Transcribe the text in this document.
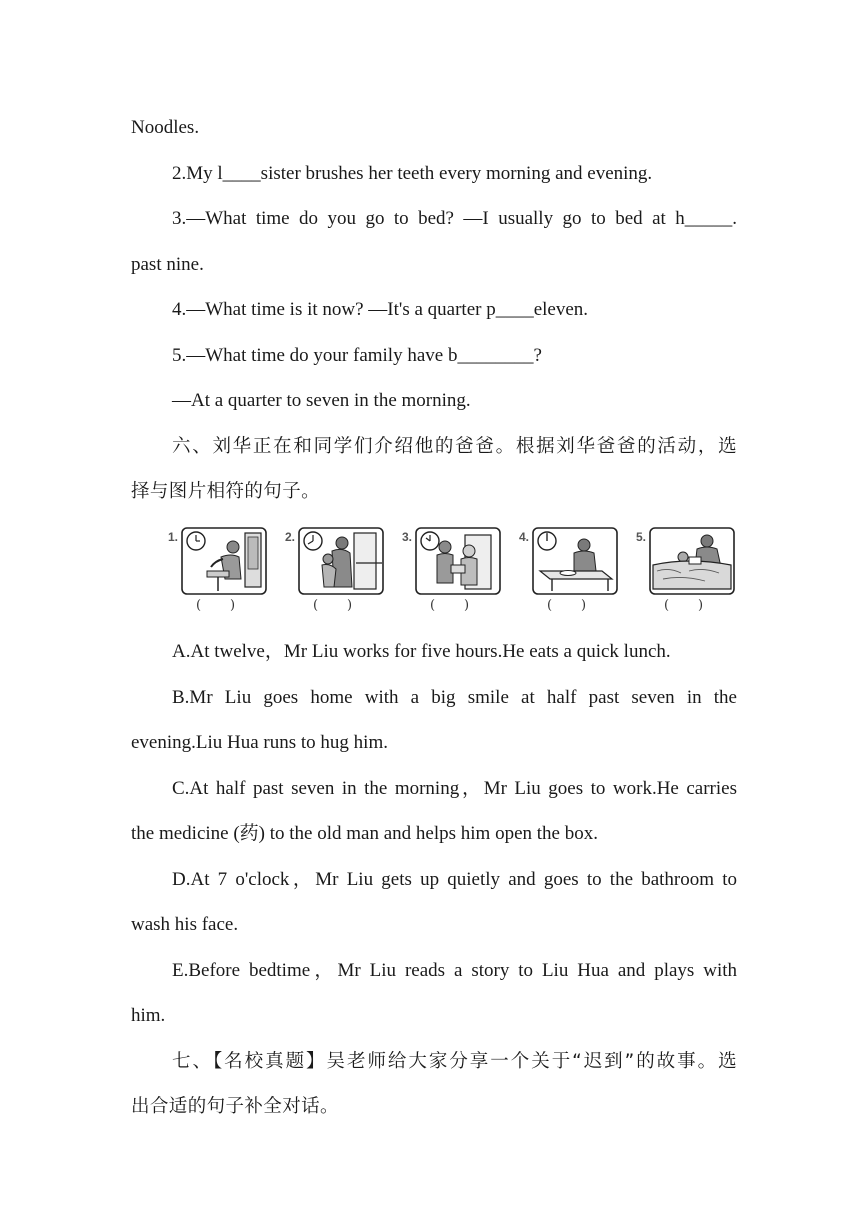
Noodles.
2.My l____sister brushes her teeth every morning and evening.
3.—What time do you go to bed? —I usually go to bed at h_____.
past nine.
4.—What time is it now? —It's a quarter p____eleven.
5.—What time do your family have b________?
—At a quarter to seven in the morning.
六、刘华正在和同学们介绍他的爸爸。根据刘华爸爸的活动，选
择与图片相符的句子。
1.
(       )
2.
(       )
3.
(       )
4.
(       )
5.
(       )
A.At twelve，Mr Liu works for five hours.He eats a quick lunch.
B.Mr Liu goes home with a big smile at half past seven in the
evening.Liu Hua runs to hug him.
C.At half past seven in the morning，Mr Liu goes to work.He carries
the medicine (药) to the old man and helps him open the box.
D.At 7 o'clock，Mr Liu gets up quietly and goes to the bathroom to
wash his face.
E.Before bedtime，Mr Liu reads a story to Liu Hua and plays with
him.
七、【名校真题】吴老师给大家分享一个关于“迟到”的故事。选
出合适的句子补全对话。
